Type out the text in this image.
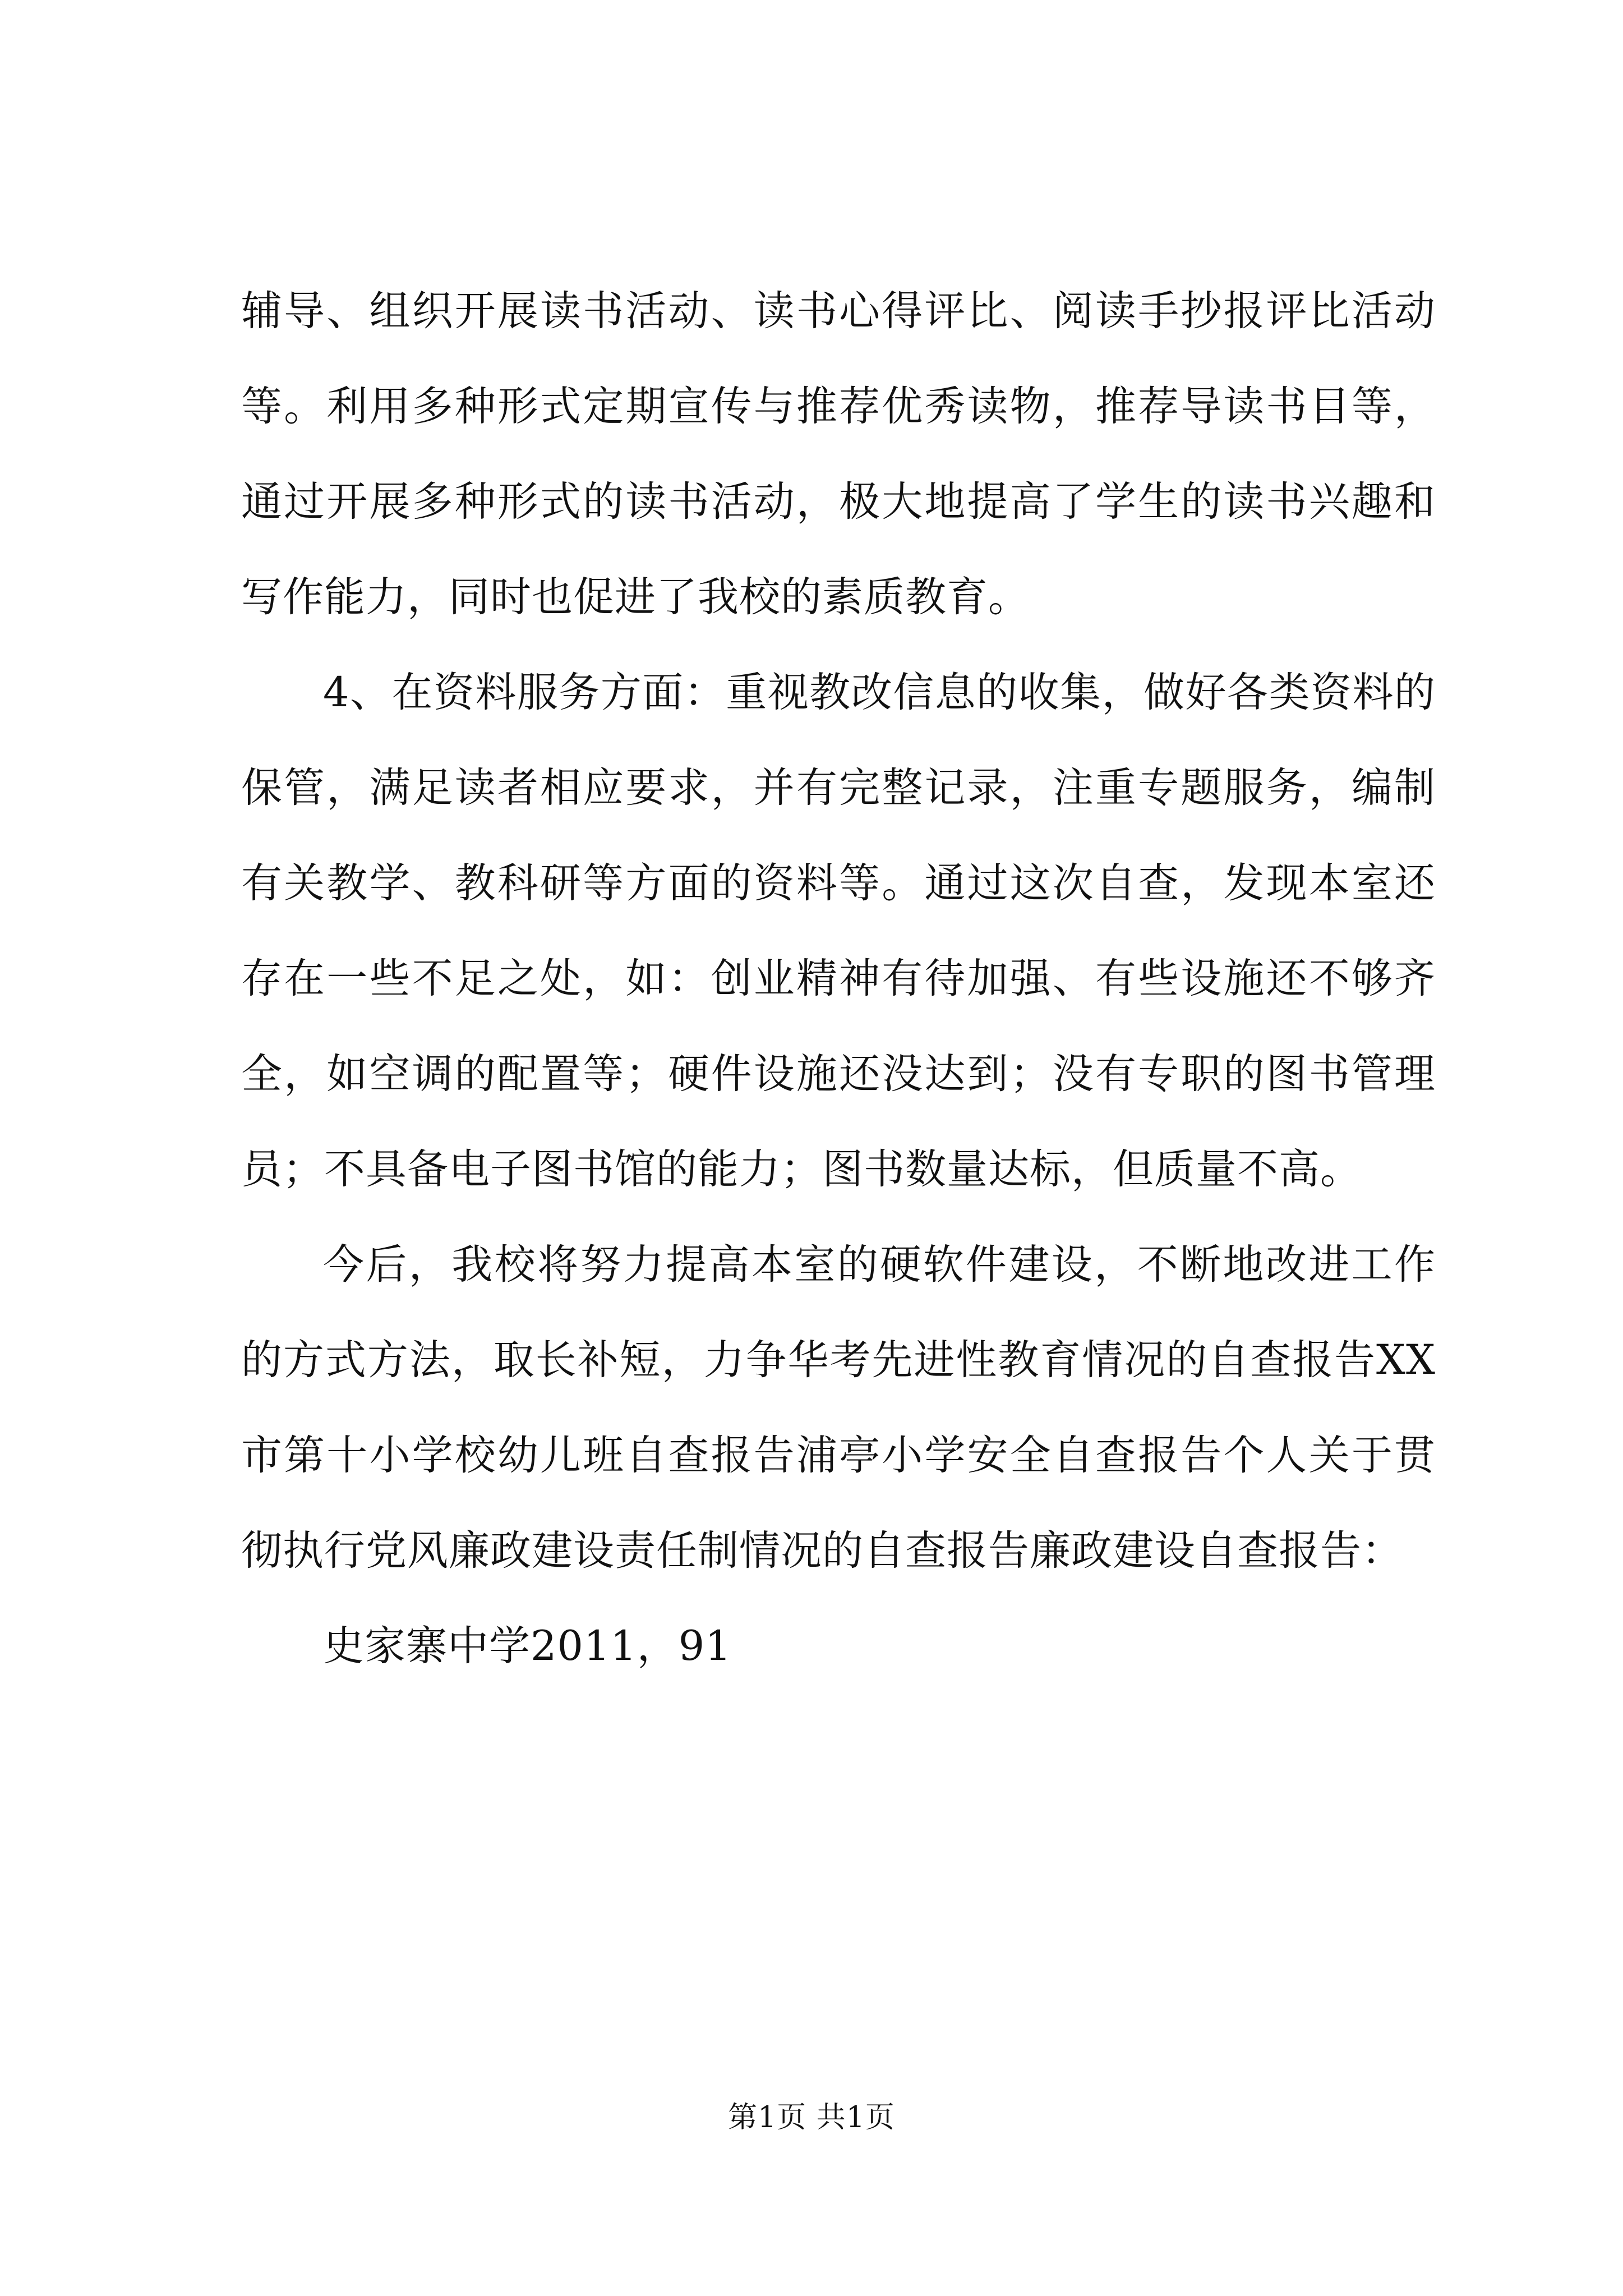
辅导、组织开展读书活动、读书心得评比、阅读手抄报评比活动等。利用多种形式定期宣传与推荐优秀读物，推荐导读书目等，通过开展多种形式的读书活动，极大地提高了学生的读书兴趣和写作能力，同时也促进了我校的素质教育。

4、在资料服务方面：重视教改信息的收集，做好各类资料的保管，满足读者相应要求，并有完整记录，注重专题服务，编制有关教学、教科研等方面的资料等。通过这次自查，发现本室还存在一些不足之处，如：创业精神有待加强、有些设施还不够齐全，如空调的配置等；硬件设施还没达到；没有专职的图书管理员；不具备电子图书馆的能力；图书数量达标，但质量不高。

今后，我校将努力提高本室的硬软件建设，不断地改进工作的方式方法，取长补短，力争华考先进性教育情况的自查报告XX市第十小学校幼儿班自查报告浦亭小学安全自查报告个人关于贯彻执行党风廉政建设责任制情况的自查报告廉政建设自查报告：

史家寨中学2011，91

第1页 共1页
